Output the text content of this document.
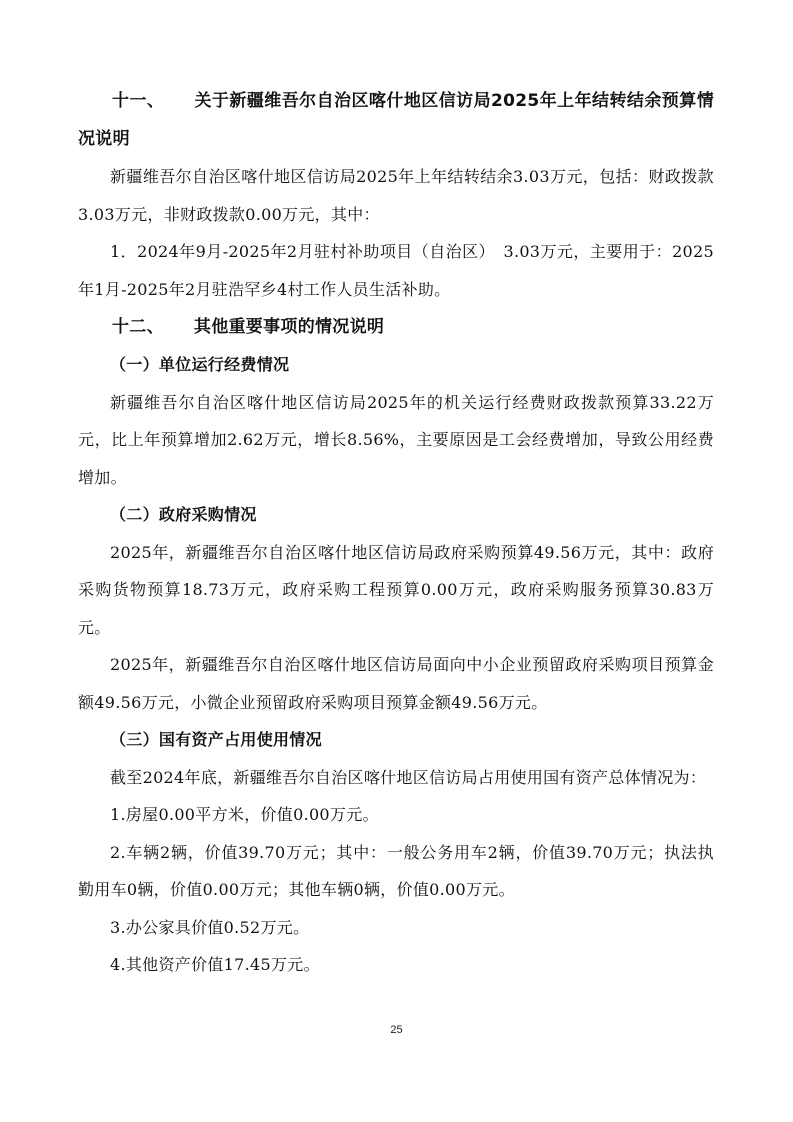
十一、 关于新疆维吾尔自治区喀什地区信访局2025年上年结转结余预算情况说明

新疆维吾尔自治区喀什地区信访局2025年上年结转结余3.03万元，包括：财政拨款3.03万元，非财政拨款0.00万元，其中：

1．2024年9月-2025年2月驻村补助项目（自治区）　3.03万元，主要用于：2025年1月-2025年2月驻浩罕乡4村工作人员生活补助。

十二、 其他重要事项的情况说明

（一）单位运行经费情况

新疆维吾尔自治区喀什地区信访局2025年的机关运行经费财政拨款预算33.22万元，比上年预算增加2.62万元，增长8.56%，主要原因是工会经费增加，导致公用经费增加。

（二）政府采购情况

2025年，新疆维吾尔自治区喀什地区信访局政府采购预算49.56万元，其中：政府采购货物预算18.73万元，政府采购工程预算0.00万元，政府采购服务预算30.83万元。

2025年，新疆维吾尔自治区喀什地区信访局面向中小企业预留政府采购项目预算金额49.56万元，小微企业预留政府采购项目预算金额49.56万元。

（三）国有资产占用使用情况

截至2024年底，新疆维吾尔自治区喀什地区信访局占用使用国有资产总体情况为：

1.房屋0.00平方米，价值0.00万元。

2.车辆2辆，价值39.70万元；其中：一般公务用车2辆，价值39.70万元；执法执勤用车0辆，价值0.00万元；其他车辆0辆，价值0.00万元。

3.办公家具价值0.52万元。

4.其他资产价值17.45万元。

25
